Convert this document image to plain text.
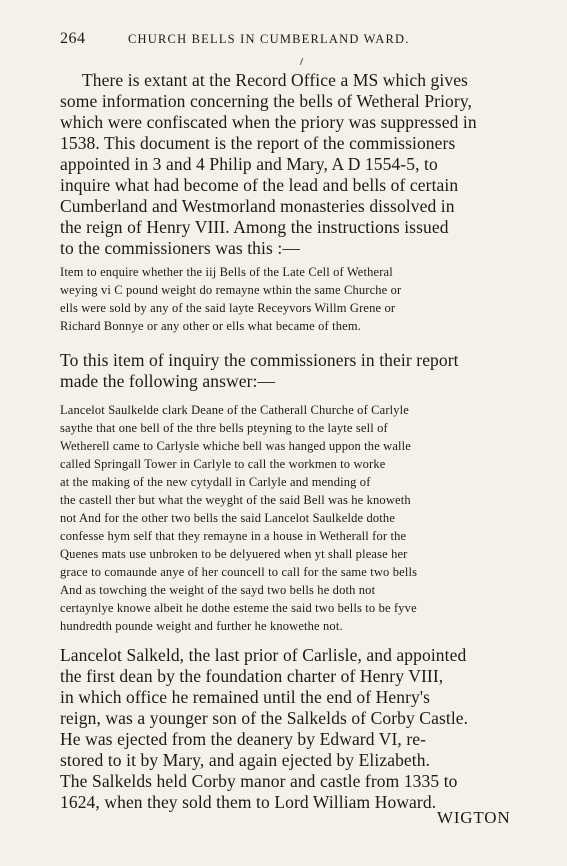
264	CHURCH BELLS IN CUMBERLAND WARD.
There is extant at the Record Office a MS which gives
some information concerning the bells of Wetheral Priory,
which were confiscated when the priory was suppressed in
1538. This document is the report of the commissioners
appointed in 3 and 4 Philip and Mary, A D 1554-5, to
inquire what had become of the lead and bells of certain
Cumberland and Westmorland monasteries dissolved in
the reign of Henry VIII. Among the instructions issued
to the commissioners was this :—
Item to enquire whether the iij Bells of the Late Cell of Wetheral
weying vi C pound weight do remayne wthin the same Churche or
ells were sold by any of the said layte Receyvors Willm Grene or
Richard Bonnye or any other or ells what became of them.
To this item of inquiry the commissioners in their report
made the following answer:—
Lancelot Saulkelde clark Deane of the Catherall Churche of Carlyle
saythe that one bell of the thre bells pteyning to the layte sell of
Wetherell came to Carlysle whiche bell was hanged uppon the walle
called Springall Tower in Carlyle to call the workmen to worke
at the making of the new cytydall in Carlyle and mending of
the castell ther but what the weyght of the said Bell was he knoweth
not And for the other two bells the said Lancelot Saulkelde dothe
confesse hym self that they remayne in a house in Wetherall for the
Quenes mats use unbroken to be delyuered when yt shall please her
grace to comaunde anye of her councell to call for the same two bells
And as towching the weight of the sayd two bells he doth not
certaynlye knowe albeit he dothe esteme the said two bells to be fyve
hundredth pounde weight and further he knowethe not.
Lancelot Salkeld, the last prior of Carlisle, and appointed
the first dean by the foundation charter of Henry VIII,
in which office he remained until the end of Henry's
reign, was a younger son of the Salkelds of Corby Castle.
He was ejected from the deanery by Edward VI, re-
stored to it by Mary, and again ejected by Elizabeth.
The Salkelds held Corby manor and castle from 1335 to
1624, when they sold them to Lord William Howard.
WIGTON
